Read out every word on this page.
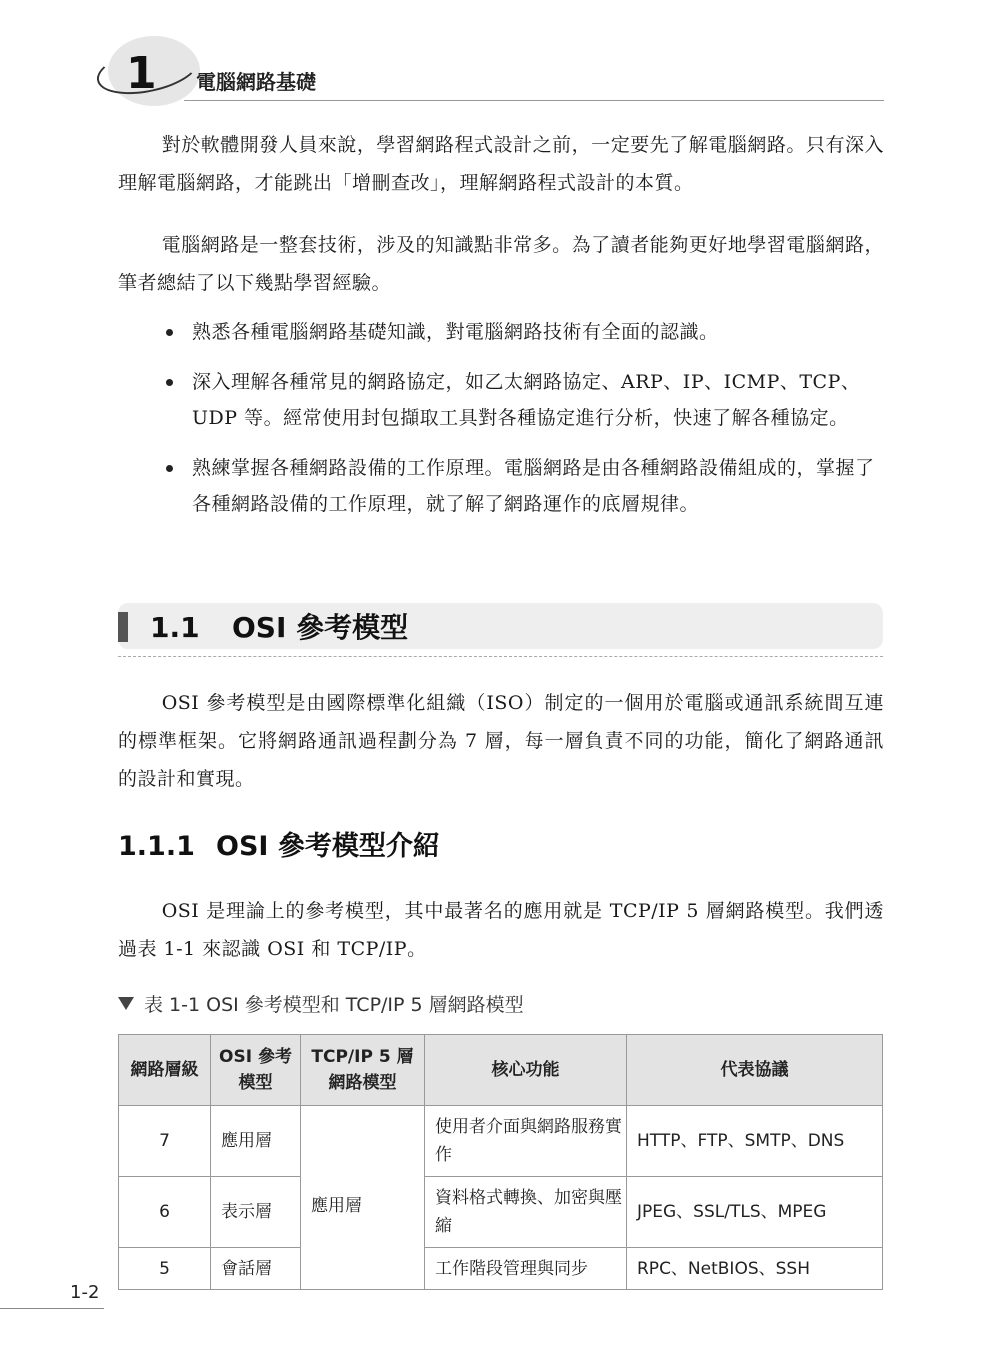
1 電腦網路基礎

對於軟體開發人員來說，學習網路程式設計之前，一定要先了解電腦網路。只有深入理解電腦網路，才能跳出「增刪查改」，理解網路程式設計的本質。

電腦網路是一整套技術，涉及的知識點非常多。為了讀者能夠更好地學習電腦網路，筆者總結了以下幾點學習經驗。

熟悉各種電腦網路基礎知識，對電腦網路技術有全面的認識。
深入理解各種常見的網路協定，如乙太網路協定、ARP、IP、ICMP、TCP、UDP 等。經常使用封包擷取工具對各種協定進行分析，快速了解各種協定。
熟練掌握各種網路設備的工作原理。電腦網路是由各種網路設備組成的，掌握了各種網路設備的工作原理，就了解了網路運作的底層規律。
1.1 OSI 參考模型

OSI 參考模型是由國際標準化組織（ISO）制定的一個用於電腦或通訊系統間互連的標準框架。它將網路通訊過程劃分為 7 層，每一層負責不同的功能，簡化了網路通訊的設計和實現。

1.1.1 OSI 參考模型介紹

OSI 是理論上的參考模型，其中最著名的應用就是 TCP/IP 5 層網路模型。我們透過表 1-1 來認識 OSI 和 TCP/IP。

表 1-1 OSI 參考模型和 TCP/IP 5 層網路模型
網路層級	OSI 參考模型	TCP/IP 5 層網路模型	核心功能	代表協議
7	應用層	應用層	使用者介面與網路服務實作	HTTP、FTP、SMTP、DNS
6	表示層		資料格式轉換、加密與壓縮	JPEG、SSL/TLS、MPEG
5	會話層		工作階段管理與同步	RPC、NetBIOS、SSH
1-2
